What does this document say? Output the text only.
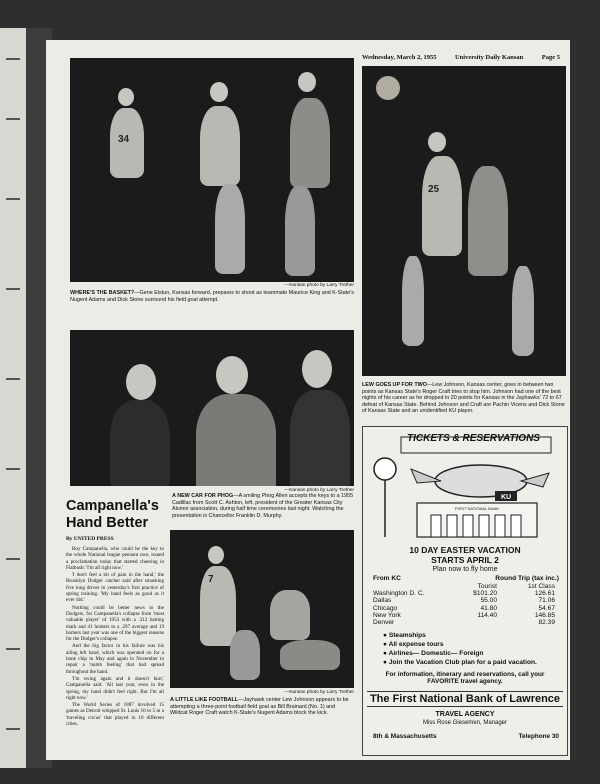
Wednesday, March 2, 1955	University Daily Kansan	Page 5
34
—Kansan photo by Larry Trether
WHERE'S THE BASKET?—Gene Elstun, Kansas forward, prepares to shoot as teammate Maurice King and K-State's Nugent Adams and Dick Stone surround his field goal attempt.
25
LEW GOES UP FOR TWO—Lew Johnson, Kansas center, goes in between two points as Kansas State's Roger Craft tries to stop him. Johnson had one of the best nights of his career as he dropped in 20 points for Kansas in the Jayhawks' 72 to 67 defeat of Kansas State. Behind Johnson and Craft are Pachin Vicens and Dick Stone of Kansas State and an unidentified KU player.
—Kansan photo by Larry Trether
A NEW CAR FOR PHOG—A smiling Phog Allen accepts the keys to a 1955 Cadillac from Scott C. Ashton, left, president of the Greater Kansas City Alumni association, during half time ceremonies last night. Watching the presentation is Chancellor Franklin D. Murphy.
Campanella's
Hand Better
By UNITED PRESS

Roy Campanella, who could be the key to the whole National league pennant race, issued a proclamation today that started cheering in Flatbush: 'I'm all right now.'

'I don't feel a bit of pain in the hand,' the Brooklyn Dodger catcher said after smashing five long drives in yesterday's first practice of spring training. 'My hand feels as good as it ever did.'

Nothing could be better news to the Dodgers, for Campanella's collapse from 'most valuable player' of 1953 with a .312 batting mark and 41 homers to a .207 average and 19 homers last year was one of the biggest reasons for the Dodger's collapse.

And the big factor in his failure was his ailing left hand, which was operated on for a bone chip in May and again in November to repair a 'numb feeling' that had spread throughout the hand.

'I'm swing again and it doesn't hurt,' Campanella said. 'All last year, even in the spring, my hand didn't feel right. But I'm all right now.'

The World Series of 1887 involved 15 games as Detroit whipped St. Louis 10 to 5 in a 'traveling circus' that played in 10 different cities.

7
—Kansan photo by Larry Trether
A LITTLE LIKE FOOTBALL—Jayhawk center Lew Johnson appears to be attempting a three-point football field goal as Bill Brainard (No. 1) and Wildcat Roger Craft watch K-State's Nugent Adams block the kick.
KU
FIRST NATIONAL BANK
TICKETS & RESERVATIONS
10 DAY EASTER VACATION
STARTS APRIL 2
Plan now to fly home
From KC	Round Trip (tax inc.)
Tourist	1st Class
Washington D. C.	$101.20	126.61
Dallas	55.00	71.06
Chicago	41.80	54.67
New York	114.40	146.85
Denver	82.39
● Steamships
● All expense tours
● Airlines— Domestic— Foreign
● Join the Vacation Club plan for a paid vacation.
For information, itinerary and reservations, call your
FAVORITE travel agency.
The First National Bank of Lawrence
TRAVEL AGENCY
Miss Rose Giesemen, Manager
8th & Massachusetts	Telephone 30
